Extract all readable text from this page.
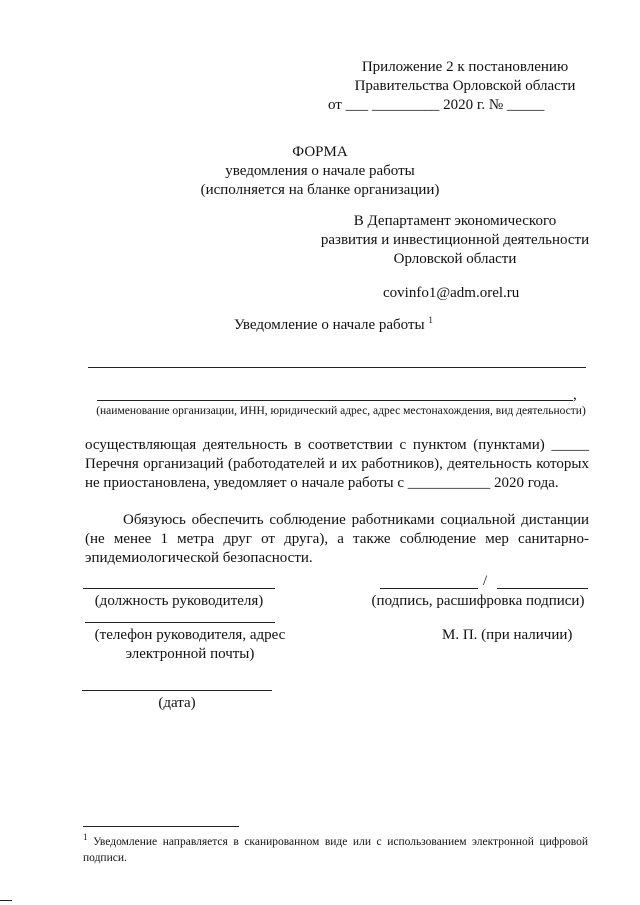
Приложение 2 к постановлению
Правительства Орловской области
от ___ _________ 2020 г. № _____
ФОРМА
уведомления о начале работы
(исполняется на бланке организации)
В Департамент экономического
развития и инвестиционной деятельности
Орловской области
covinfo1@adm.orel.ru
Уведомление о начале работы $^1$
,
(наименование организации, ИНН, юридический адрес, адрес местонахождения, вид деятельности)
осуществляющая деятельность в соответствии с пунктом (пунктами) _____ Перечня организаций (работодателей и их работников), деятельность которых не приостановлена, уведомляет о начале работы с ___________ 2020 года.
Обязуюсь обеспечить соблюдение работниками социальной дистанции (не менее 1 метра друг от друга), а также соблюдение мер санитарно-эпидемиологической безопасности.
(должность руководителя)
/
(подпись, расшифровка подписи)
(телефон руководителя, адрес
электронной почты)
М. П. (при наличии)
(дата)
$^1$ Уведомление направляется в сканированном виде или с использованием электронной цифровой подписи.
